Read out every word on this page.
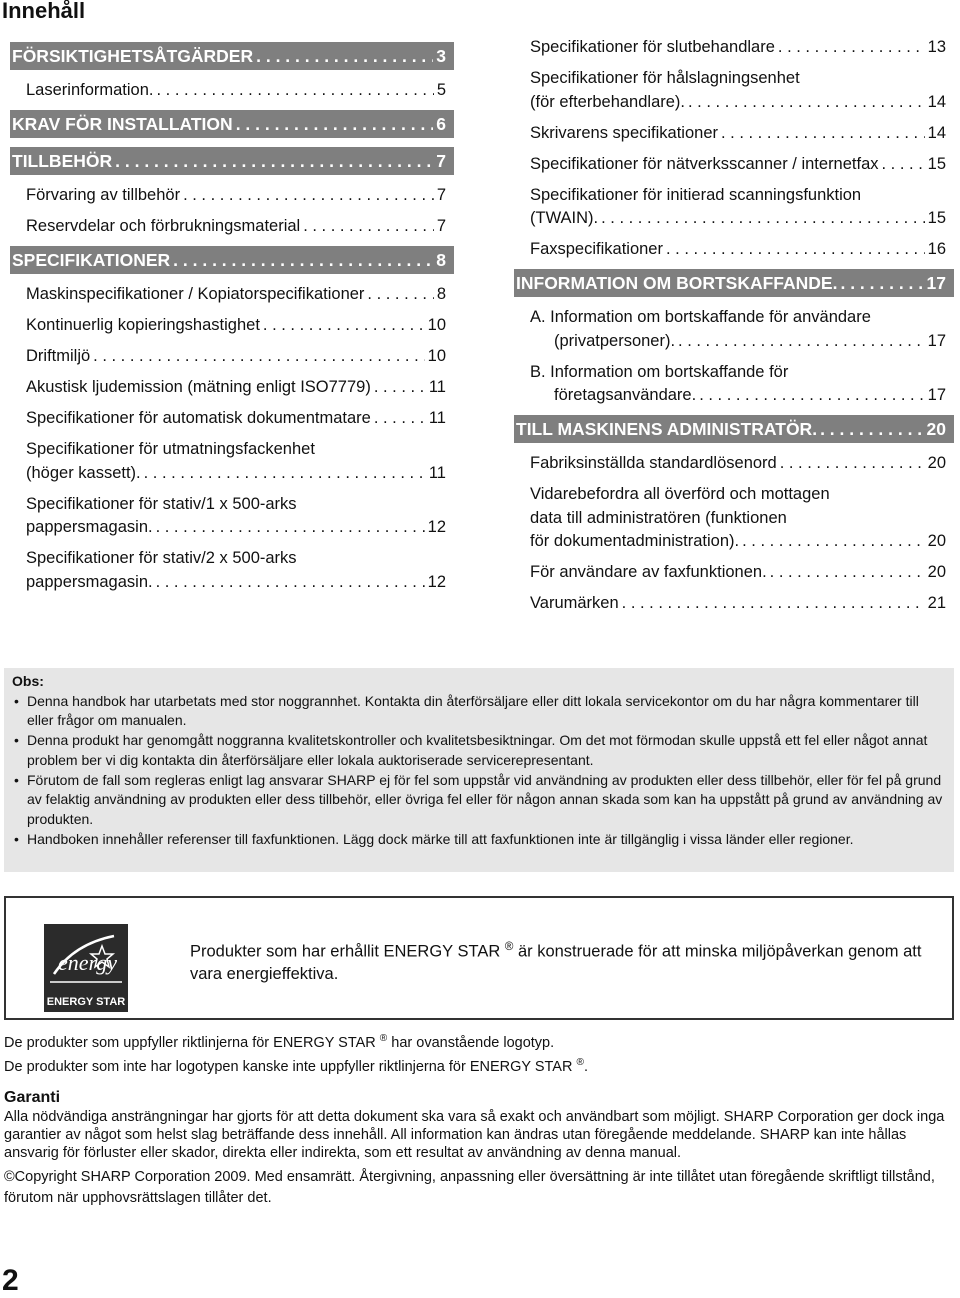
Innehåll
FÖRSIKTIGHETSÅTGÄRDER . . .	3
Laserinformation. . . .	5
KRAV FÖR INSTALLATION . . .	6
TILLBEHÖR . . .	7
Förvaring av tillbehör . . .	7
Reservdelar och förbrukningsmaterial . . .	7
SPECIFIKATIONER . . .	8
Maskinspecifikationer / Kopiatorspecifikationer . . .	8
Kontinuerlig kopieringshastighet . . .	10
Driftmiljö . . .	10
Akustisk ljudemission (mätning enligt ISO7779) . . .	11
Specifikationer för automatisk dokumentmatare . . .	11
Specifikationer för utmatningsfackenhet
(höger kassett). . . .	11
Specifikationer för stativ/1 x 500-arks
pappersmagasin. . . .	12
Specifikationer för stativ/2 x 500-arks
pappersmagasin. . . .	12
Specifikationer för slutbehandlare . . .	13
Specifikationer för hålslagningsenhet
(för efterbehandlare). . . .	14
Skrivarens specifikationer . . .	14
Specifikationer för nätverksscanner / internetfax . . .	15
Specifikationer för initierad scanningsfunktion
(TWAIN). . . .	15
Faxspecifikationer . . .	16
INFORMATION OM BORTSKAFFANDE. . . .	17
A. Information om bortskaffande för användare
(privatpersoner). . . .	17
B. Information om bortskaffande för
företagsanvändare. . . .	17
TILL MASKINENS ADMINISTRATÖR. . . .	20
Fabriksinställda standardlösenord . . .	20
Vidarebefordra all överförd och mottagen
data till administratören (funktionen
för dokumentadministration). . . .	20
För användare av faxfunktionen. . . .	20
Varumärken . . .	21
Obs:
• Denna handbok har utarbetats med stor noggrannhet. Kontakta din återförsäljare eller ditt lokala servicekontor om du har några kommentarer till eller frågor om manualen.
• Denna produkt har genomgått noggranna kvalitetskontroller och kvalitetsbesiktningar. Om det mot förmodan skulle uppstå ett fel eller något annat problem ber vi dig kontakta din återförsäljare eller lokala auktoriserade servicerepresentant.
• Förutom de fall som regleras enligt lag ansvarar SHARP ej för fel som uppstår vid användning av produkten eller dess tillbehör, eller för fel på grund av felaktig användning av produkten eller dess tillbehör, eller övriga fel eller för någon annan skada som kan ha uppstått på grund av användning av produkten.
• Handboken innehåller referenser till faxfunktionen. Lägg dock märke till att faxfunktionen inte är tillgänglig i vissa länder eller regioner.
energy
ENERGY STAR
Produkter som har erhållit ENERGY STAR ® är konstruerade för att minska miljöpåverkan genom att vara energieffektiva.
De produkter som uppfyller riktlinjerna för ENERGY STAR ® har ovanstående logotyp.
De produkter som inte har logotypen kanske inte uppfyller riktlinjerna för ENERGY STAR ®.
Garanti
Alla nödvändiga ansträngningar har gjorts för att detta dokument ska vara så exakt och användbart som möjligt. SHARP Corporation ger dock inga garantier av något som helst slag beträffande dess innehåll. All information kan ändras utan föregående meddelande. SHARP kan inte hållas ansvarig för förluster eller skador, direkta eller indirekta, som ett resultat av användning av denna manual.
©Copyright SHARP Corporation 2009. Med ensamrätt. Återgivning, anpassning eller översättning är inte tillåtet utan föregående skriftligt tillstånd, förutom när upphovsrättslagen tillåter det.
2
